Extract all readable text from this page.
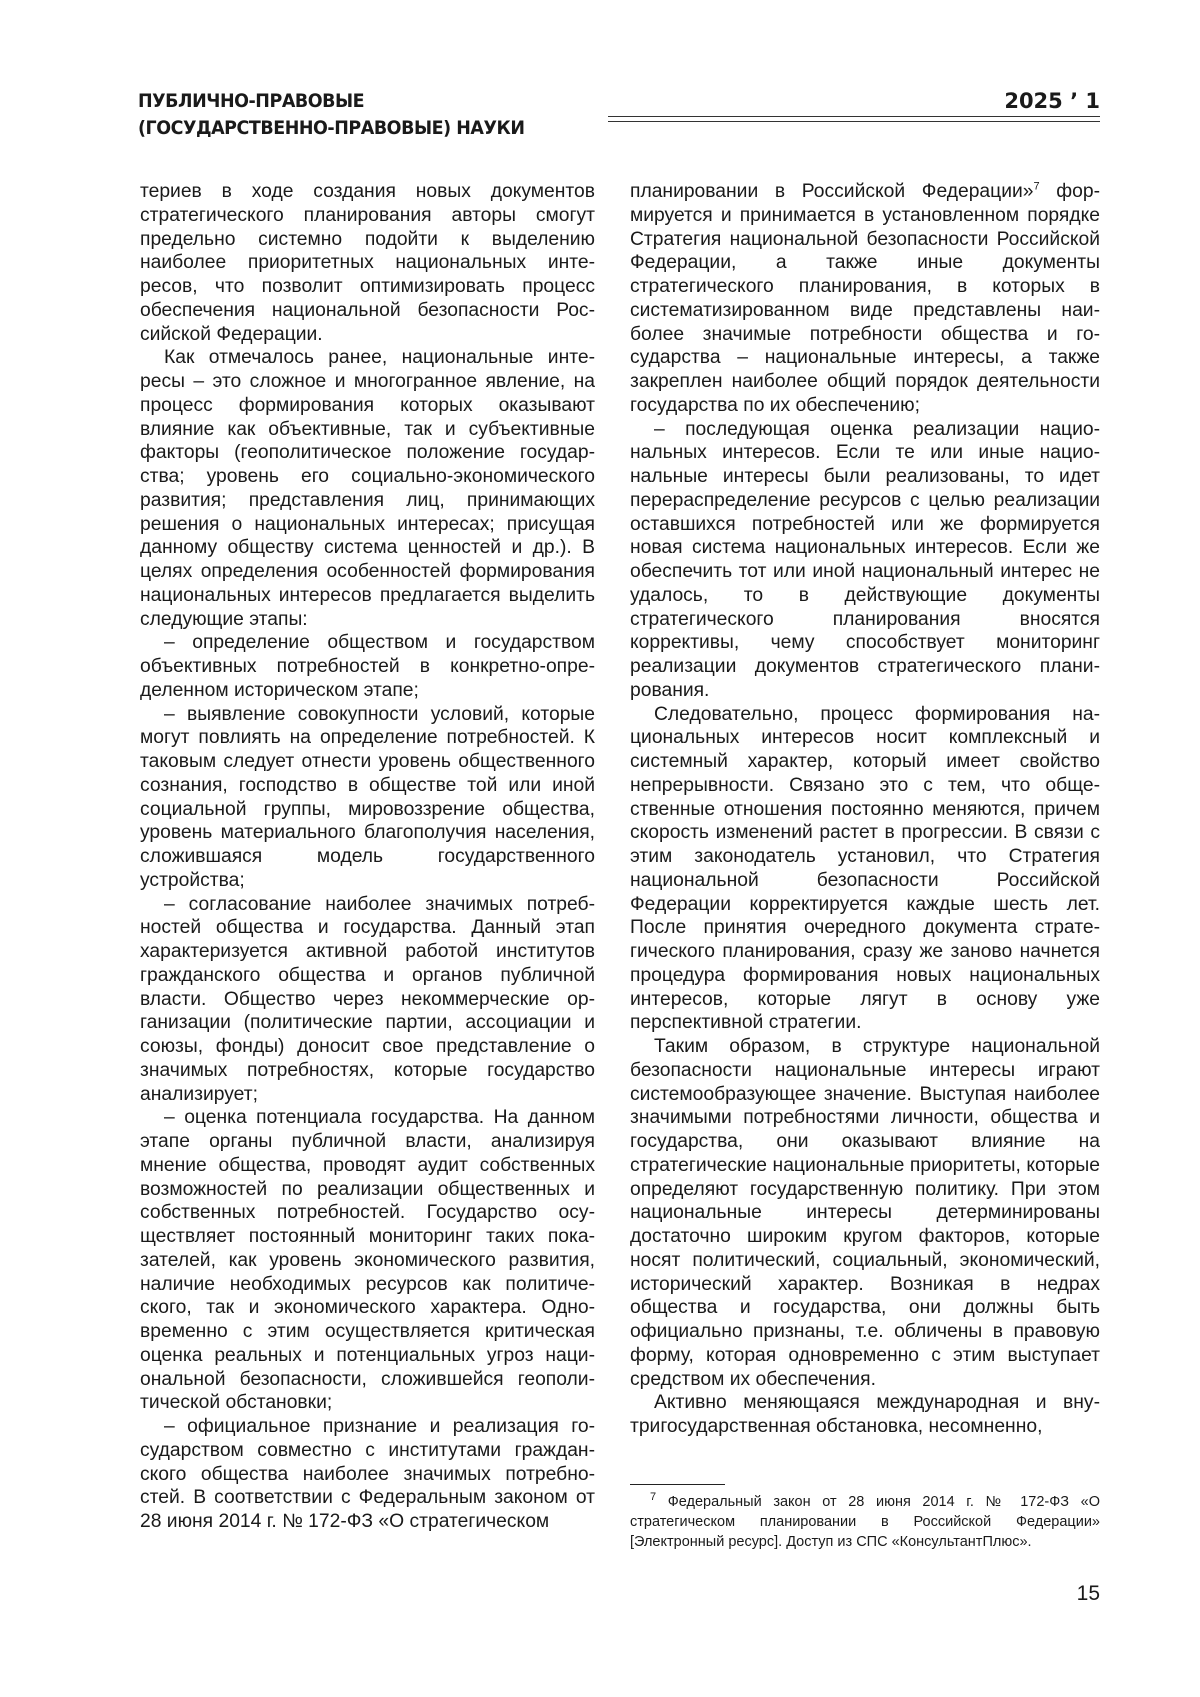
ПУБЛИЧНО-ПРАВОВЫЕ
(ГОСУДАРСТВЕННО-ПРАВОВЫЕ) НАУКИ
2025 ’ 1

териев в ходе создания новых документов стратегического планирования авторы смогут предельно системно подойти к выделению наиболее приоритетных национальных интересов, что позволит оптимизировать процесс обеспечения национальной безопасности Российской Федерации.

Как отмечалось ранее, национальные интересы – это сложное и многогранное явление, на процесс формирования которых оказывают влияние как объективные, так и субъективные факторы (геополитическое положение государства; уровень его социально-экономического развития; представления лиц, принимающих решения о национальных интересах; присущая данному обществу система ценностей и др.). В целях определения особенностей формирования национальных интересов предлагается выделить следующие этапы:

– определение обществом и государством объективных потребностей в конкретно-определенном историческом этапе;

– выявление совокупности условий, которые могут повлиять на определение потребностей. К таковым следует отнести уровень общественного сознания, господство в обществе той или иной социальной группы, мировоззрение общества, уровень материального благополучия населения, сложившаяся модель государственного устройства;

– согласование наиболее значимых потребностей общества и государства. Данный этап характеризуется активной работой институтов гражданского общества и органов публичной власти. Общество через некоммерческие организации (политические партии, ассоциации и союзы, фонды) доносит свое представление о значимых потребностях, которые государство анализирует;

– оценка потенциала государства. На данном этапе органы публичной власти, анализируя мнение общества, проводят аудит собственных возможностей по реализации общественных и собственных потребностей. Государство осуществляет постоянный мониторинг таких показателей, как уровень экономического развития, наличие необходимых ресурсов как политического, так и экономического характера. Одновременно с этим осуществляется критическая оценка реальных и потенциальных угроз национальной безопасности, сложившейся геополитической обстановки;

– официальное признание и реализация государством совместно с институтами гражданского общества наиболее значимых потребностей. В соответствии с Федеральным законом от 28 июня 2014 г. № 172-ФЗ «О стратегическом

планировании в Российской Федерации»$^7$ формируется и принимается в установленном порядке Стратегия национальной безопасности Российской Федерации, а также иные документы стратегического планирования, в которых в систематизированном виде представлены наиболее значимые потребности общества и государства – национальные интересы, а также закреплен наиболее общий порядок деятельности государства по их обеспечению;

– последующая оценка реализации национальных интересов. Если те или иные национальные интересы были реализованы, то идет перераспределение ресурсов с целью реализации оставшихся потребностей или же формируется новая система национальных интересов. Если же обеспечить тот или иной национальный интерес не удалось, то в действующие документы стратегического планирования вносятся коррективы, чему способствует мониторинг реализации документов стратегического планирования.

Следовательно, процесс формирования национальных интересов носит комплексный и системный характер, который имеет свойство непрерывности. Связано это с тем, что общественные отношения постоянно меняются, причем скорость изменений растет в прогрессии. В связи с этим законодатель установил, что Стратегия национальной безопасности Российской Федерации корректируется каждые шесть лет. После принятия очередного документа стратегического планирования, сразу же заново начнется процедура формирования новых национальных интересов, которые лягут в основу уже перспективной стратегии.

Таким образом, в структуре национальной безопасности национальные интересы играют системообразующее значение. Выступая наиболее значимыми потребностями личности, общества и государства, они оказывают влияние на стратегические национальные приоритеты, которые определяют государственную политику. При этом национальные интересы детерминированы достаточно широким кругом факторов, которые носят политический, социальный, экономический, исторический характер. Возникая в недрах общества и государства, они должны быть официально признаны, т.е. обличены в правовую форму, которая одновременно с этим выступает средством их обеспечения.

Активно меняющаяся международная и внутригосударственная обстановка, несомненно,

$^7$ Федеральный закон от 28 июня 2014 г. № 172-ФЗ «О стратегическом планировании в Российской Федерации» [Электронный ресурс]. Доступ из СПС «КонсультантПлюс».

15
